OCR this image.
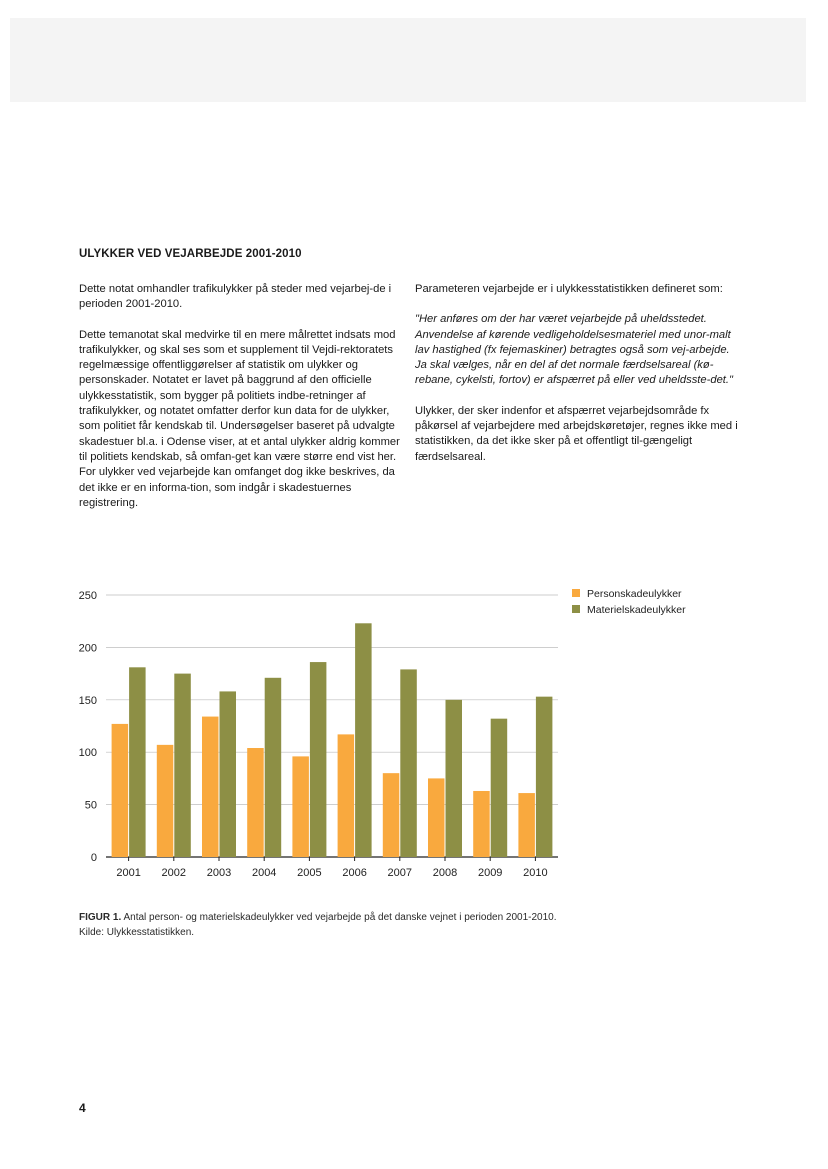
ULYKKER VED VEJARBEJDE 2001-2010

Dette notat omhandler trafikulykker på steder med vejarbej-de i perioden 2001-2010.

Dette temanotat skal medvirke til en mere målrettet indsats mod trafikulykker, og skal ses som et supplement til Vejdi-rektoratets regelmæssige offentliggørelser af statistik om ulykker og personskader. Notatet er lavet på baggrund af den officielle ulykkesstatistik, som bygger på politiets indbe-retninger af trafikulykker, og notatet omfatter derfor kun data for de ulykker, som politiet får kendskab til. Undersøgelser baseret på udvalgte skadestuer bl.a. i Odense viser, at et antal ulykker aldrig kommer til politiets kendskab, så omfan-get kan være større end vist her. For ulykker ved vejarbejde kan omfanget dog ikke beskrives, da det ikke er en informa-tion, som indgår i skadestuernes registrering.

Parameteren vejarbejde er i ulykkesstatistikken defineret som:

"Her anføres om der har været vejarbejde på uheldsstedet.

Anvendelse af kørende vedligeholdelsesmateriel med unor-malt lav hastighed (fx fejemaskiner) betragtes også som vej-arbejde.

Ja skal vælges, når en del af det normale færdselsareal (kø-rebane, cykelsti, fortov) er afspærret på eller ved uheldsste-det."

Ulykker, der sker indenfor et afspærret vejarbejdsområde fx påkørsel af vejarbejdere med arbejdskøretøjer, regnes ikke med i statistikken, da det ikke sker på et offentligt til-gængeligt færdselsareal.

0
50
100
150
200
250
2001 2002 2003 2004 2005 2006 2007 2008 2009 2010
Personskadeulykker
Materielskadeulykker
FIGUR 1. Antal person- og materielskadeulykker ved vejarbejde på det danske vejnet i perioden 2001-2010. Kilde: Ulykkesstatistikken.
4
